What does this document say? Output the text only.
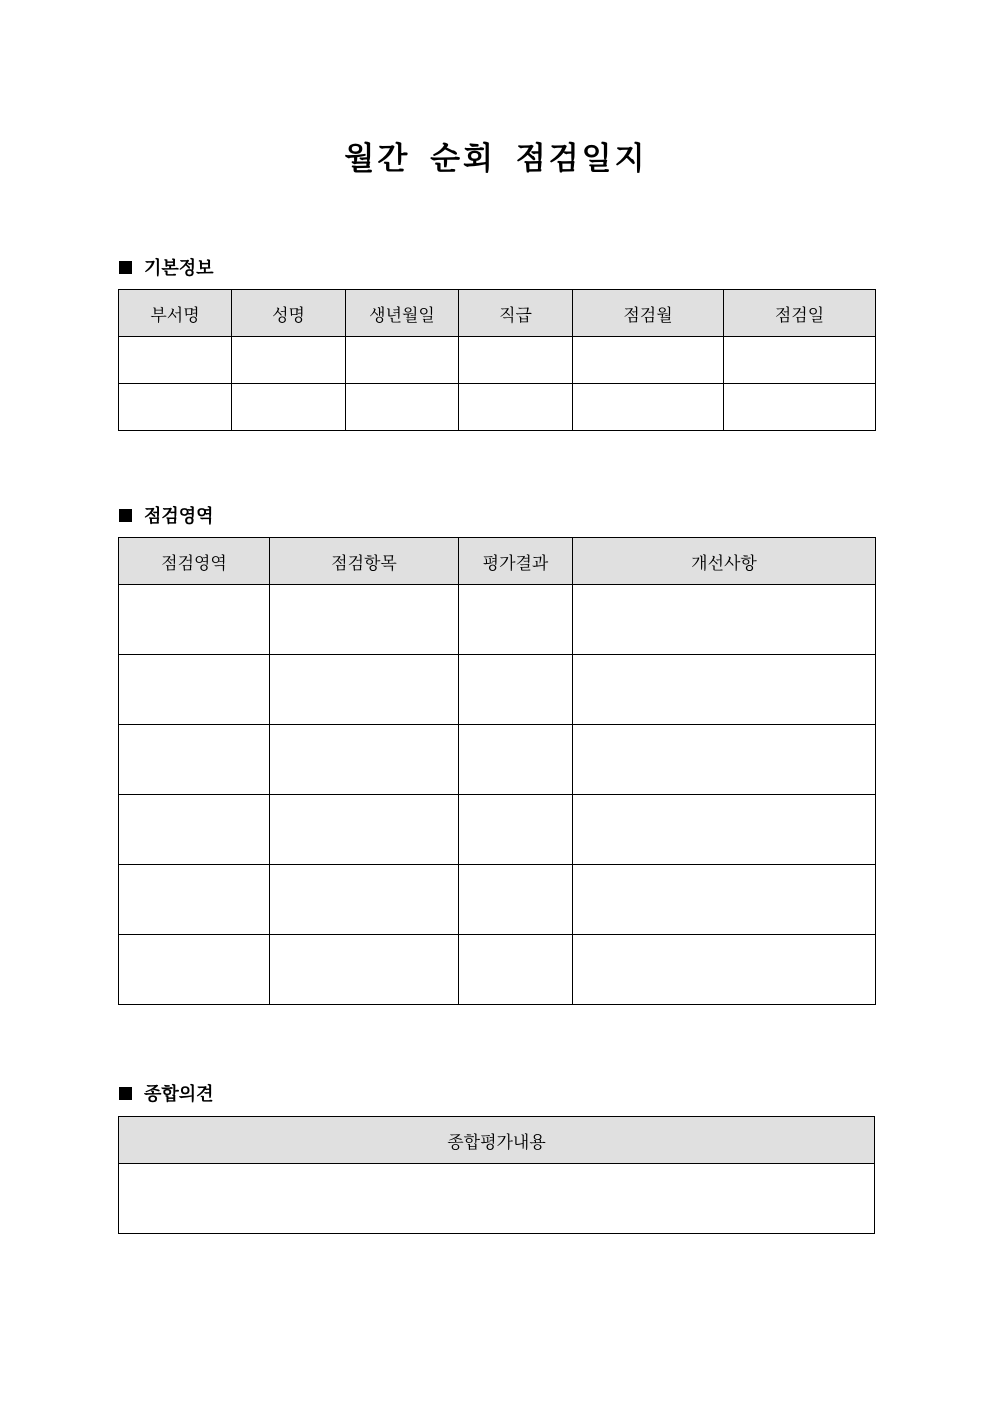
월간 순회 점검일지
기본정보
부서명	성명	생년월일	직급	점검월	점검일

점검영역
점검영역	점검항목	평가결과	개선사항

종합의견
종합평가내용
